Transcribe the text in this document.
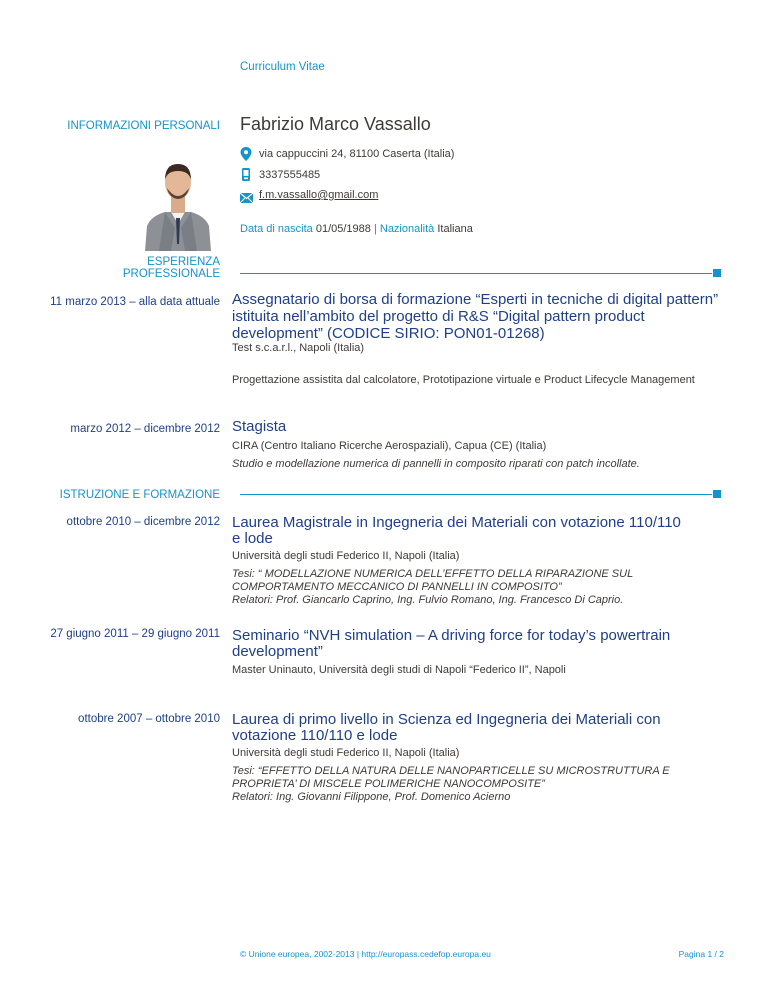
Curriculum Vitae
INFORMAZIONI PERSONALI Fabrizio Marco Vassallo
via cappuccini 24, 81100 Caserta (Italia)
3337555485
f.m.vassallo@gmail.com
Data di nascita 01/05/1988 | Nazionalità Italiana
ESPERIENZA
PROFESSIONALE
11 marzo 2013 – alla data attuale Assegnatario di borsa di formazione “Esperti in tecniche di digital pattern” istituita nell’ambito del progetto di R&S “Digital pattern product development” (CODICE SIRIO: PON01-01268)
Test s.c.a.r.l., Napoli (Italia)
Progettazione assistita dal calcolatore, Prototipazione virtuale e Product Lifecycle Management
marzo 2012 – dicembre 2012 Stagista
CIRA (Centro Italiano Ricerche Aerospaziali), Capua (CE) (Italia)
Studio e modellazione numerica di pannelli in composito riparati con patch incollate.
ISTRUZIONE E FORMAZIONE
ottobre 2010 – dicembre 2012 Laurea Magistrale in Ingegneria dei Materiali con votazione 110/110
e lode
Università degli studi Federico II, Napoli (Italia)
Tesi: “ MODELLAZIONE NUMERICA DELL’EFFETTO DELLA RIPARAZIONE SUL
COMPORTAMENTO MECCANICO DI PANNELLI IN COMPOSITO”
Relatori: Prof. Giancarlo Caprino, Ing. Fulvio Romano, Ing. Francesco Di Caprio.
27 giugno 2011 – 29 giugno 2011 Seminario “NVH simulation – A driving force for today’s powertrain
development”
Master Uninauto, Università degli studi di Napoli “Federico II”, Napoli
ottobre 2007 – ottobre 2010 Laurea di primo livello in Scienza ed Ingegneria dei Materiali con
votazione 110/110 e lode
Università degli studi Federico II, Napoli (Italia)
Tesi: “EFFETTO DELLA NATURA DELLE NANOPARTICELLE SU MICROSTRUTTURA E
PROPRIETA’ DI MISCELE POLIMERICHE NANOCOMPOSITE”
Relatori: Ing. Giovanni Filippone, Prof. Domenico Acierno
© Unione europea, 2002-2013 | http://europass.cedefop.europa.eu	Pagina 1 / 2
